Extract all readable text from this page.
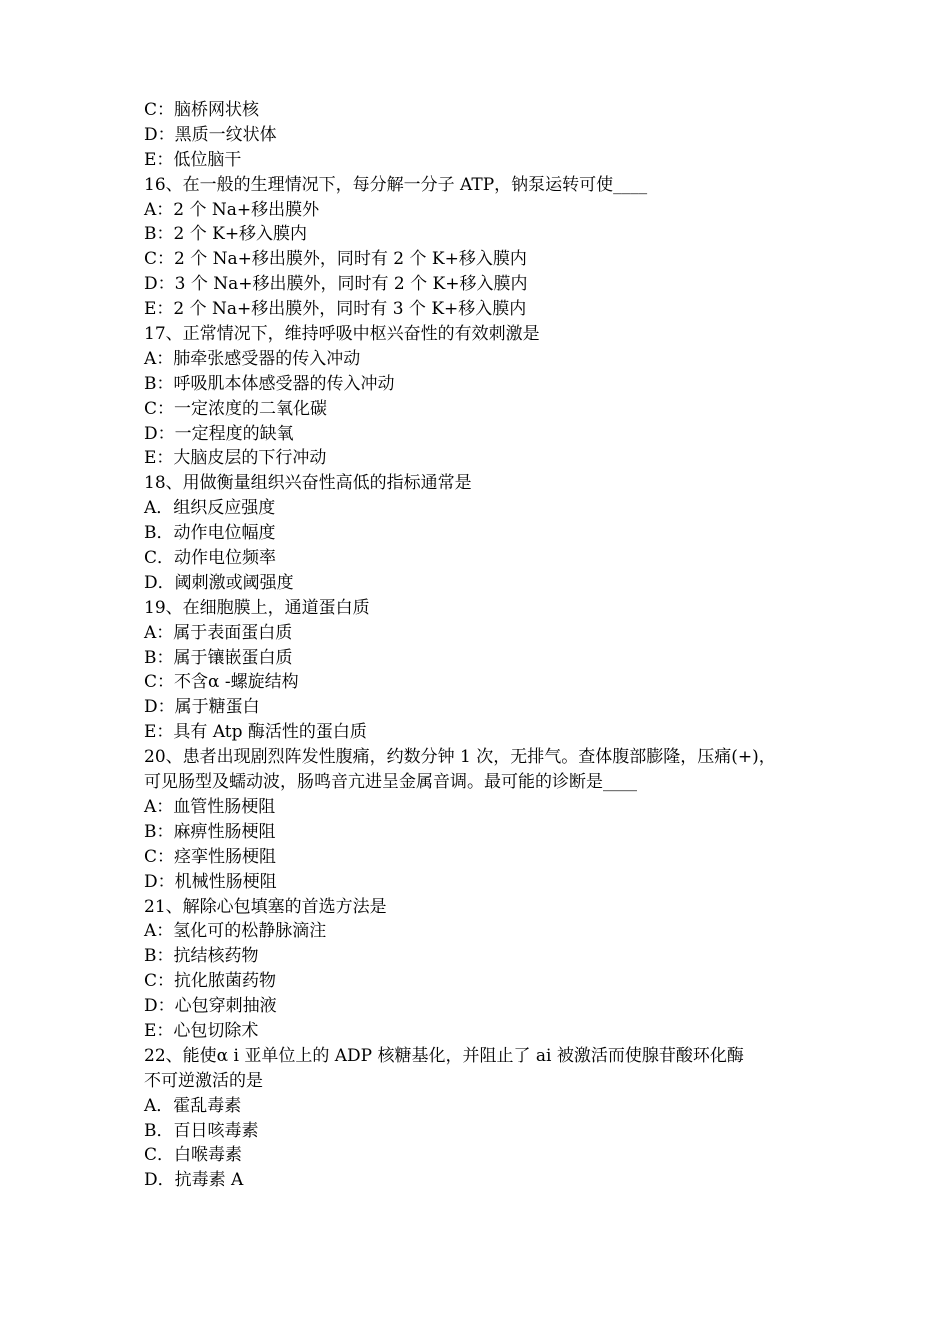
C：脑桥网状核
D：黑质一纹状体
E：低位脑干
16、在一般的生理情况下，每分解一分子 ATP，钠泵运转可使____
A：2 个 Na+移出膜外
B：2 个 K+移入膜内
C：2 个 Na+移出膜外，同时有 2 个 K+移入膜内
D：3 个 Na+移出膜外，同时有 2 个 K+移入膜内
E：2 个 Na+移出膜外，同时有 3 个 K+移入膜内
17、正常情况下，维持呼吸中枢兴奋性的有效刺激是
A：肺牵张感受器的传入冲动
B：呼吸肌本体感受器的传入冲动
C：一定浓度的二氧化碳
D：一定程度的缺氧
E：大脑皮层的下行冲动
18、用做衡量组织兴奋性高低的指标通常是
A．组织反应强度
B．动作电位幅度
C．动作电位频率
D．阈刺激或阈强度
19、在细胞膜上，通道蛋白质
A：属于表面蛋白质
B：属于镶嵌蛋白质
C：不含α -螺旋结构
D：属于糖蛋白
E：具有 Atp 酶活性的蛋白质
20、患者出现剧烈阵发性腹痛，约数分钟 1 次，无排气。查体腹部膨隆，压痛(+)，
可见肠型及蠕动波，肠鸣音亢进呈金属音调。最可能的诊断是____
A：血管性肠梗阻
B：麻痹性肠梗阻
C：痉挛性肠梗阻
D：机械性肠梗阻
21、解除心包填塞的首选方法是
A：氢化可的松静脉滴注
B：抗结核药物
C：抗化脓菌药物
D：心包穿刺抽液
E：心包切除术
22、能使α i 亚单位上的 ADP 核糖基化，并阻止了 ai 被激活而使腺苷酸环化酶
不可逆激活的是
A．霍乱毒素
B．百日咳毒素
C．白喉毒素
D．抗毒素 A
